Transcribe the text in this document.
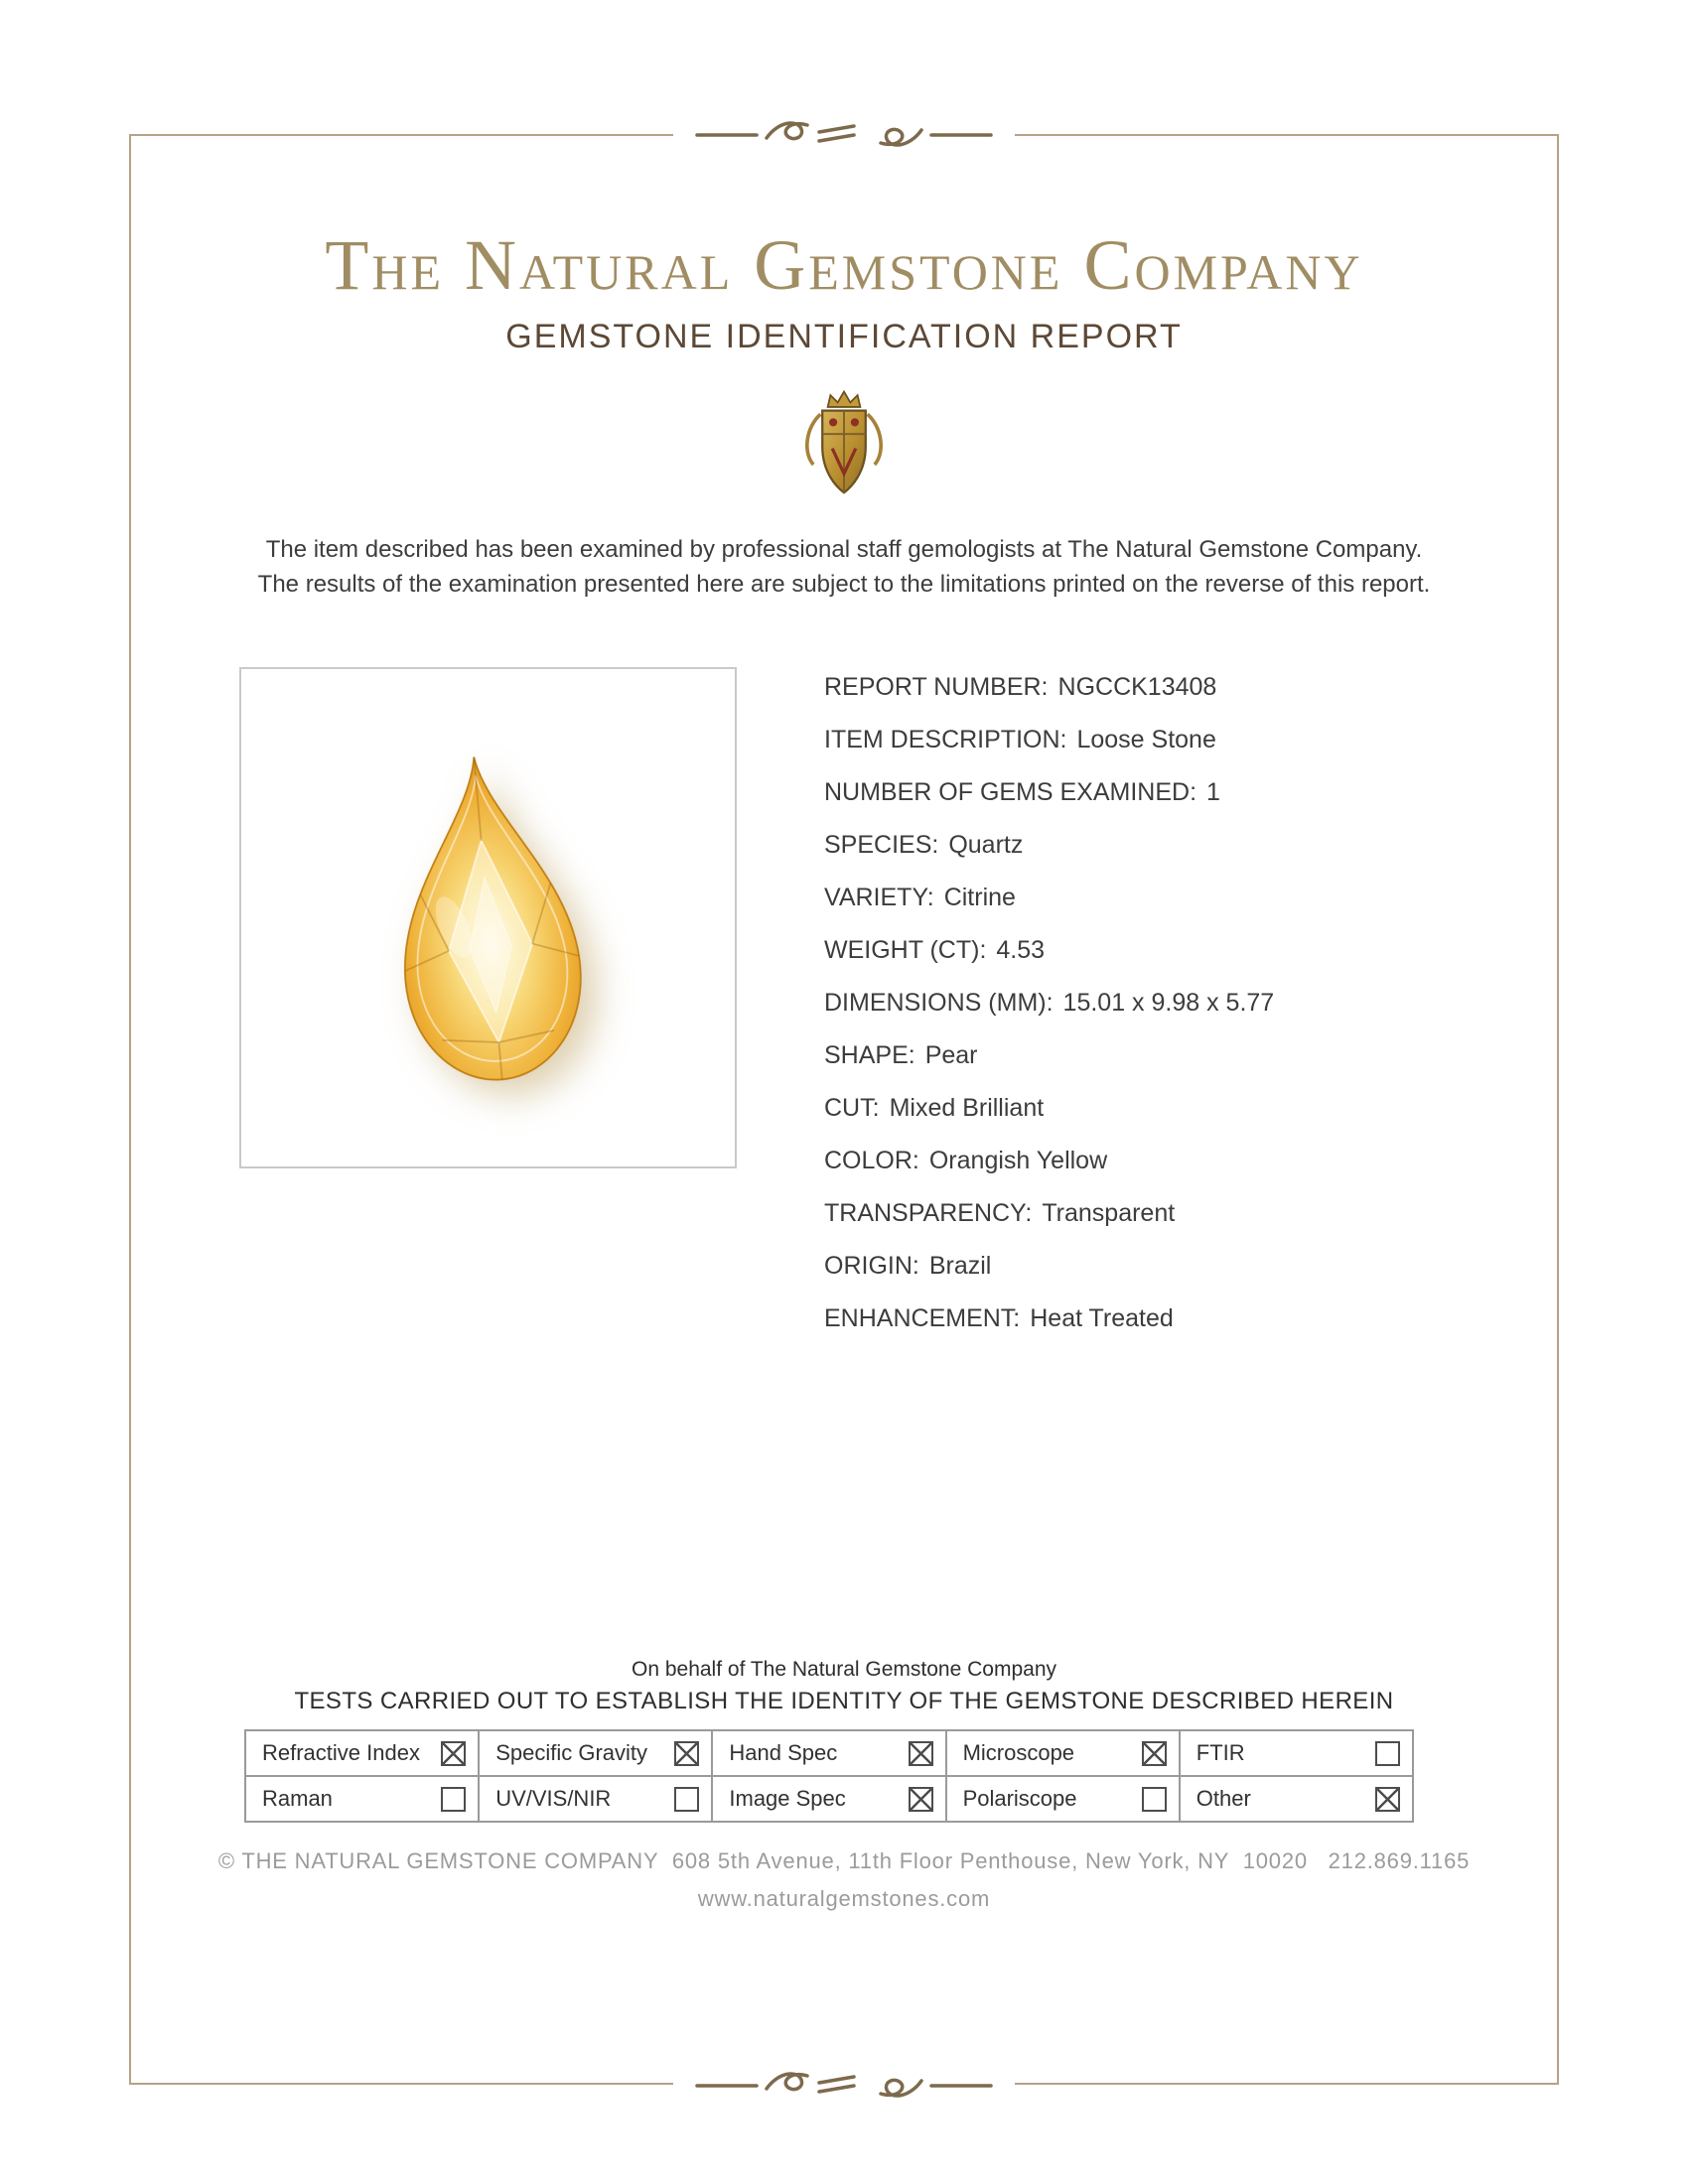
The Natural Gemstone Company
GEMSTONE IDENTIFICATION REPORT
The item described has been examined by professional staff gemologists at The Natural Gemstone Company.
The results of the examination presented here are subject to the limitations printed on the reverse of this report.
REPORT NUMBER: NGCCK13408
ITEM DESCRIPTION: Loose Stone
NUMBER OF GEMS EXAMINED: 1
SPECIES: Quartz
VARIETY: Citrine
WEIGHT (CT): 4.53
DIMENSIONS (MM): 15.01 x 9.98 x 5.77
SHAPE: Pear
CUT: Mixed Brilliant
COLOR: Orangish Yellow
TRANSPARENCY: Transparent
ORIGIN: Brazil
ENHANCEMENT: Heat Treated
On behalf of The Natural Gemstone Company
TESTS CARRIED OUT TO ESTABLISH THE IDENTITY OF THE GEMSTONE DESCRIBED HEREIN
Refractive Index	Specific Gravity	Hand Spec	Microscope	FTIR

Raman	UV/VIS/NIR	Image Spec	Polariscope	Other
© THE NATURAL GEMSTONE COMPANY  608 5th Avenue, 11th Floor Penthouse, New York, NY  10020   212.869.1165
www.naturalgemstones.com
